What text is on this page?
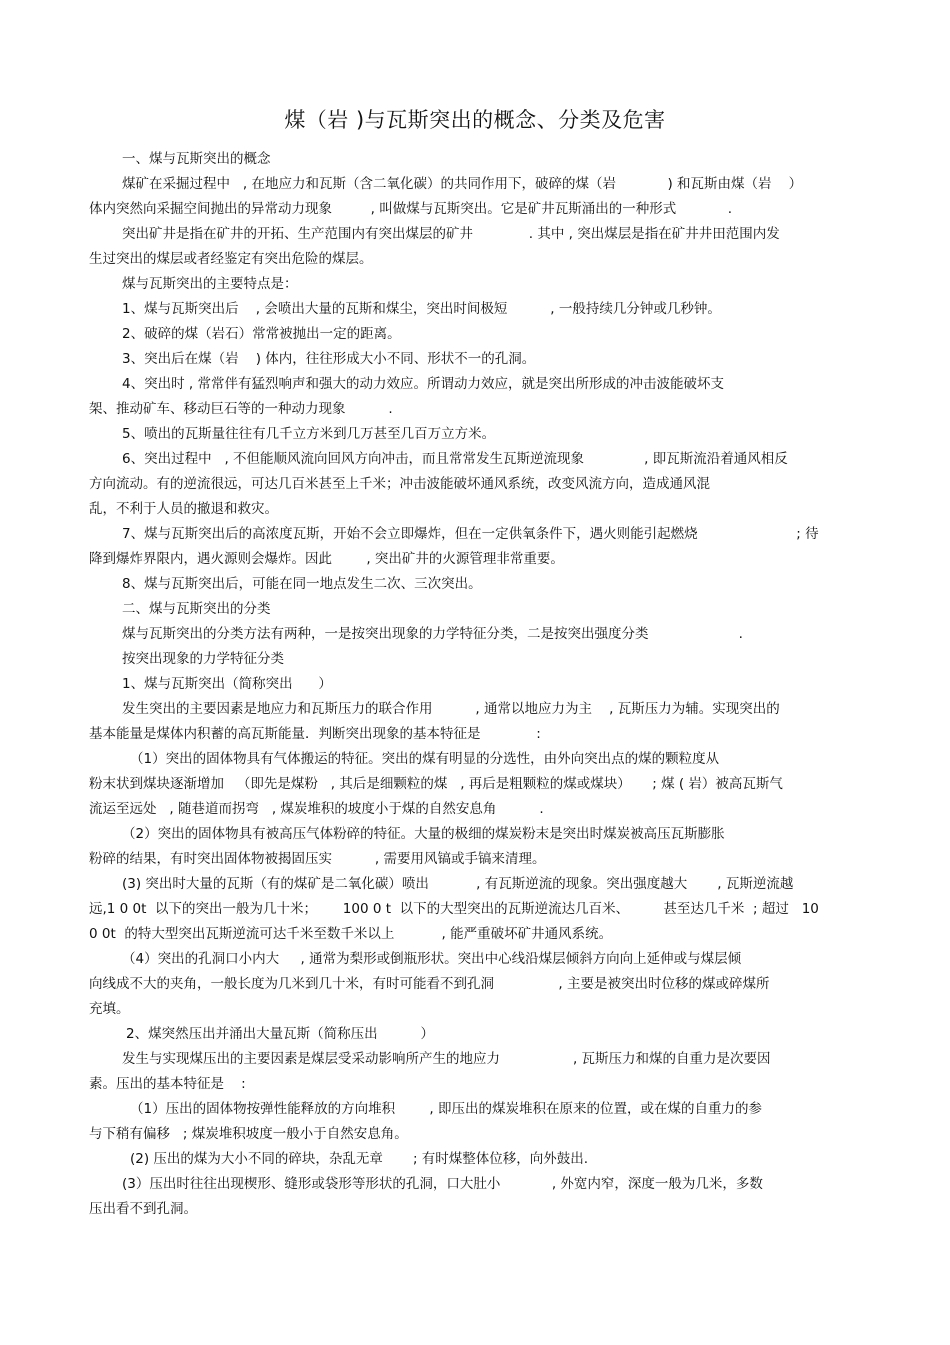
煤（岩 )与瓦斯突出的概念、分类及危害
一、煤与瓦斯突出的概念
煤矿在采掘过程中   , 在地应力和瓦斯（含二氧化碳）的共同作用下，破碎的煤（岩            ) 和瓦斯由煤（岩    ）
体内突然向采掘空间抛出的异常动力现象         , 叫做煤与瓦斯突出。它是矿井瓦斯涌出的一种形式            .
突出矿井是指在矿井的开拓、生产范围内有突出煤层的矿井             . 其中 , 突出煤层是指在矿井井田范围内发
生过突出的煤层或者经鉴定有突出危险的煤层。
煤与瓦斯突出的主要特点是：
1、煤与瓦斯突出后    , 会喷出大量的瓦斯和煤尘，突出时间极短          , 一般持续几分钟或几秒钟。
2、破碎的煤（岩石）常常被抛出一定的距离。
3、突出后在煤（岩    ) 体内，往往形成大小不同、形状不一的孔洞。
4、突出时 , 常常伴有猛烈响声和强大的动力效应。所谓动力效应，就是突出所形成的冲击波能破坏支
架、推动矿车、移动巨石等的一种动力现象          .
5、喷出的瓦斯量往往有几千立方米到几万甚至几百万立方米。
6、突出过程中   , 不但能顺风流向回风方向冲击，而且常常发生瓦斯逆流现象              , 即瓦斯流沿着通风相反
方向流动。有的逆流很远，可达几百米甚至上千米；冲击波能破坏通风系统，改变风流方向，造成通风混
乱，不利于人员的撤退和救灾。
7、煤与瓦斯突出后的高浓度瓦斯，开始不会立即爆炸，但在一定供氧条件下，遇火则能引起燃烧                       ; 待
降到爆炸界限内，遇火源则会爆炸。因此        , 突出矿井的火源管理非常重要。
8、煤与瓦斯突出后，可能在同一地点发生二次、三次突出。
二、煤与瓦斯突出的分类
煤与瓦斯突出的分类方法有两种，一是按突出现象的力学特征分类，二是按突出强度分类                     .
按突出现象的力学特征分类
1、煤与瓦斯突出（简称突出      ）
发生突出的主要因素是地应力和瓦斯压力的联合作用          , 通常以地应力为主    , 瓦斯压力为辅。实现突出的
基本能量是煤体内积蓄的高瓦斯能量．判断突出现象的基本特征是             :
（1）突出的固体物具有气体搬运的特征。突出的煤有明显的分选性，由外向突出点的煤的颗粒度从
粉末状到煤块逐渐增加   （即先是煤粉   , 其后是细颗粒的煤   , 再后是粗颗粒的煤或煤块）     ; 煤 ( 岩）被高瓦斯气
流运至远处   , 随巷道而拐弯   , 煤炭堆积的坡度小于煤的自然安息角          .
（2）突出的固体物具有被高压气体粉碎的特征。大量的极细的煤炭粉末是突出时煤炭被高压瓦斯膨胀
粉碎的结果，有时突出固体物被揭固压实          , 需要用风镐或手镐来清理。
(3) 突出时大量的瓦斯（有的煤矿是二氧化碳）喷出           , 有瓦斯逆流的现象。突出强度越大       , 瓦斯逆流越
远,1 0 0t  以下的突出一般为几十米；      100 0 t  以下的大型突出的瓦斯逆流达几百米、        甚至达几千米  ; 超过   10
0 0t  的特大型突出瓦斯逆流可达千米至数千米以上           , 能严重破坏矿井通风系统。
（4）突出的孔洞口小内大     , 通常为梨形或倒瓶形状。突出中心线沿煤层倾斜方向向上延伸或与煤层倾
向线成不大的夹角，一般长度为几米到几十米，有时可能看不到孔洞               , 主要是被突出时位移的煤或碎煤所
充填。
2、煤突然压出并涌出大量瓦斯（简称压出          ）
发生与实现煤压出的主要因素是煤层受采动影响所产生的地应力                 , 瓦斯压力和煤的自重力是次要因
素。压出的基本特征是    :
（1）压出的固体物按弹性能释放的方向堆积        , 即压出的煤炭堆积在原来的位置，或在煤的自重力的参
与下稍有偏移   ; 煤炭堆积坡度一般小于自然安息角。
(2) 压出的煤为大小不同的碎块，杂乱无章       ; 有时煤整体位移，向外鼓出.
(3）压出时往往出现楔形、缝形或袋形等形状的孔洞，口大肚小            , 外宽内窄，深度一般为几米，多数
压出看不到孔洞。
